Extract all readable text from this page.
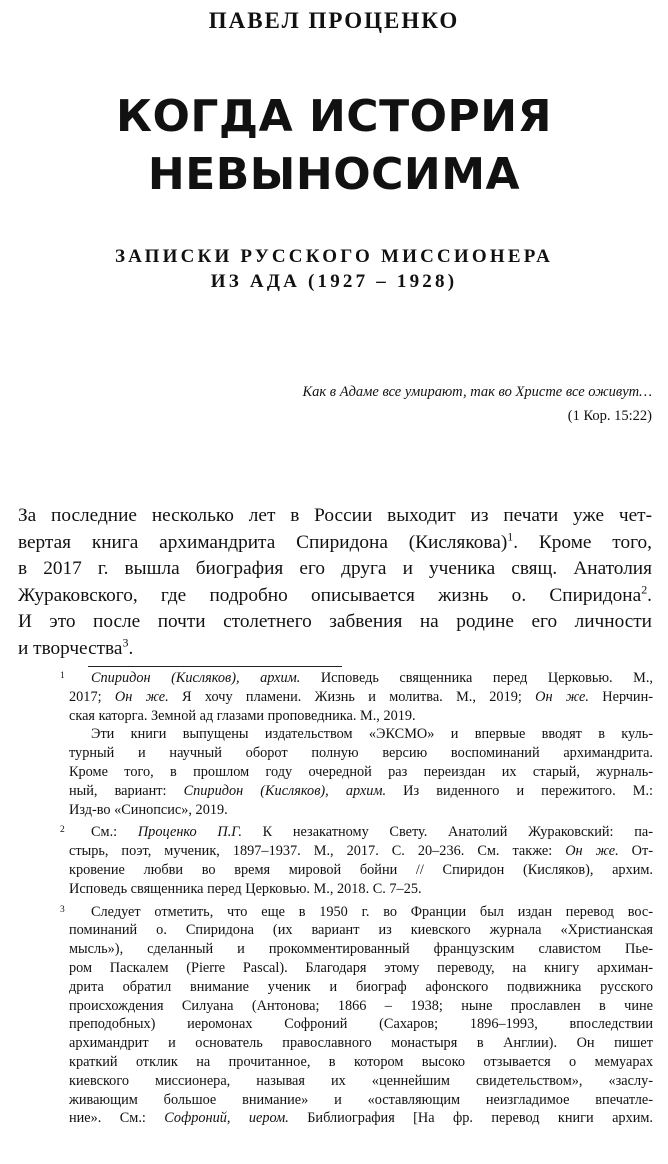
ПАВЕЛ ПРОЦЕНКО
КОГДА ИСТОРИЯ
НЕВЫНОСИМА
ЗАПИСКИ РУССКОГО МИССИОНЕРА
ИЗ АДА (1927 – 1928)
Как в Адаме все умирают, так во Христе все оживут…
(1 Кор. 15:22)
За последние несколько лет в России выходит из печати уже чет-
вертая книга архимандрита Спиридона (Кислякова)$^1$. Кроме того,
в 2017 г. вышла биография его друга и ученика свящ. Анатолия
Жураковского, где подробно описывается жизнь о. Спиридона$^2$.
И это после почти столетнего забвения на родине его личности
и творчества$^3$.
1	Спиридон (Кисляков), архим. Исповедь священника перед Церковью. М.,
2017; Он же. Я хочу пламени. Жизнь и молитва. М., 2019; Он же. Нерчин-
ская каторга. Земной ад глазами проповедника. М., 2019.
Эти книги выпущены издательством «ЭКСМО» и впервые вводят в куль-
турный и научный оборот полную версию воспоминаний архимандрита.
Кроме того, в прошлом году очередной раз переиздан их старый, журналь-
ный, вариант: Спиридон (Кисляков), архим. Из виденного и пережитого. М.:
Изд-во «Синопсис», 2019.
2	См.: Проценко П.Г. К незакатному Свету. Анатолий Жураковский: па-
стырь, поэт, мученик, 1897–1937. М., 2017. С. 20–236. См. также: Он же. От-
кровение любви во время мировой бойни // Спиридон (Кисляков), архим.
Исповедь священника перед Церковью. М., 2018. С. 7–25.
3	Следует отметить, что еще в 1950 г. во Франции был издан перевод вос-
поминаний о. Спиридона (их вариант из киевского журнала «Христианская
мысль»), сделанный и прокомментированный французским славистом Пье-
ром Паскалем (Pierre Pascal). Благодаря этому переводу, на книгу архиман-
дрита обратил внимание ученик и биограф афонского подвижника русского
происхождения Силуана (Антонова; 1866 – 1938; ныне прославлен в чине
преподобных) иеромонах Софроний (Сахаров; 1896–1993, впоследствии
архимандрит и основатель православного монастыря в Англии). Он пишет
краткий отклик на прочитанное, в котором высоко отзывается о мемуарах
киевского миссионера, называя их «ценнейшим свидетельством», «заслу-
живающим большое внимание» и «оставляющим неизгладимое впечатле-
ние». См.: Софроний, иером. Библиография [На фр. перевод книги архим.
